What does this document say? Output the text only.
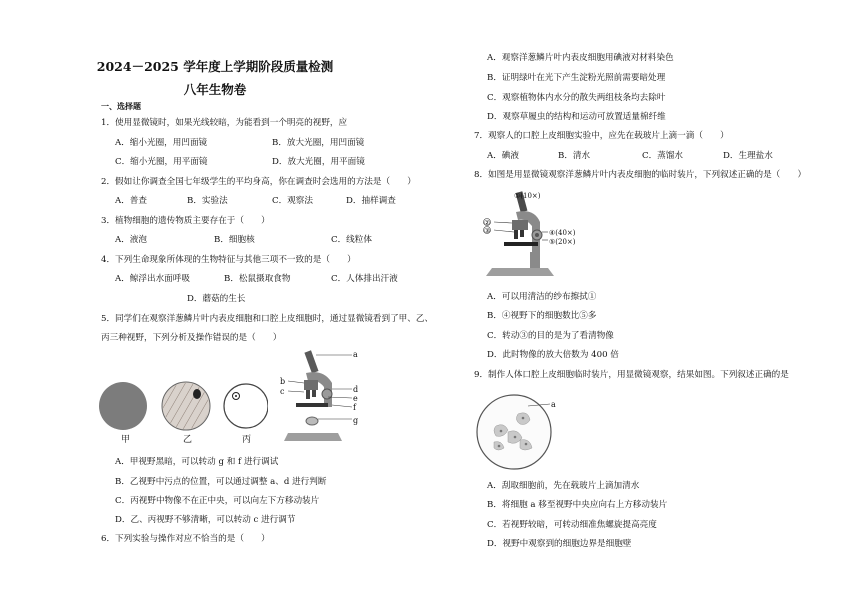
2024－2025 学年度上学期阶段质量检测
八年生物卷
一、选择题
1．使用显微镜时，如果光线较暗，为能看到一个明亮的视野，应
A．缩小光圈，用凹面镜	B．放大光圈，用凹面镜
C．缩小光圈，用平面镜	D．放大光圈，用平面镜
2．假如让你调查全国七年级学生的平均身高，你在调查时会选用的方法是（　　）
A．普查	B．实验法	C．观察法	D．抽样调查
3．植物细胞的遗传物质主要存在于（　　）
A．液泡	B．细胞核	C．线粒体
4．下列生命现象所体现的生物特征与其他三项不一致的是（　　）
A．鲸浮出水面呼吸	B．松鼠摄取食物	C．人体排出汗液
D．蘑菇的生长
5．同学们在观察洋葱鳞片叶内表皮细胞和口腔上皮细胞时，通过显微镜看到了甲、乙、
丙三种视野，下列分析及操作错误的是（　　）
甲	乙	丙
a
b
c	d
e
f
g
A．甲视野黑暗，可以转动 g 和 f 进行调试
B．乙视野中污点的位置，可以通过调整 a、d 进行判断
C．丙视野中物像不在正中央，可以向左下方移动装片
D．乙、丙视野不够清晰，可以转动 c 进行调节
6．下列实验与操作对应不恰当的是（　　）
A．观察洋葱鳞片叶内表皮细胞用碘液对材料染色
B．证明绿叶在光下产生淀粉光照前需要暗处理
C．观察植物体内水分的散失两组枝条均去除叶
D．观察草履虫的结构和运动可放置适量棉纤维
7．观察人的口腔上皮细胞实验中，应先在载玻片上滴一滴（　　）
A．碘液	B．清水	C．蒸馏水	D．生理盐水
8．如图是用显微镜观察洋葱鳞片叶内表皮细胞的临时装片，下列叙述正确的是（　　）
①(10×)
②
③	④(40×)
⑤(20×)
A．可以用清洁的纱布擦拭①
B．④视野下的细胞数比⑤多
C．转动③的目的是为了看清物像
D．此时物像的放大倍数为 400 倍
9．制作人体口腔上皮细胞临时装片，用显微镜观察，结果如图。下列叙述正确的是
a
A．刮取细胞前，先在载玻片上滴加清水
B．将细胞 a 移至视野中央应向右上方移动装片
C．若视野较暗，可转动细准焦螺旋提高亮度
D．视野中观察到的细胞边界是细胞壁
